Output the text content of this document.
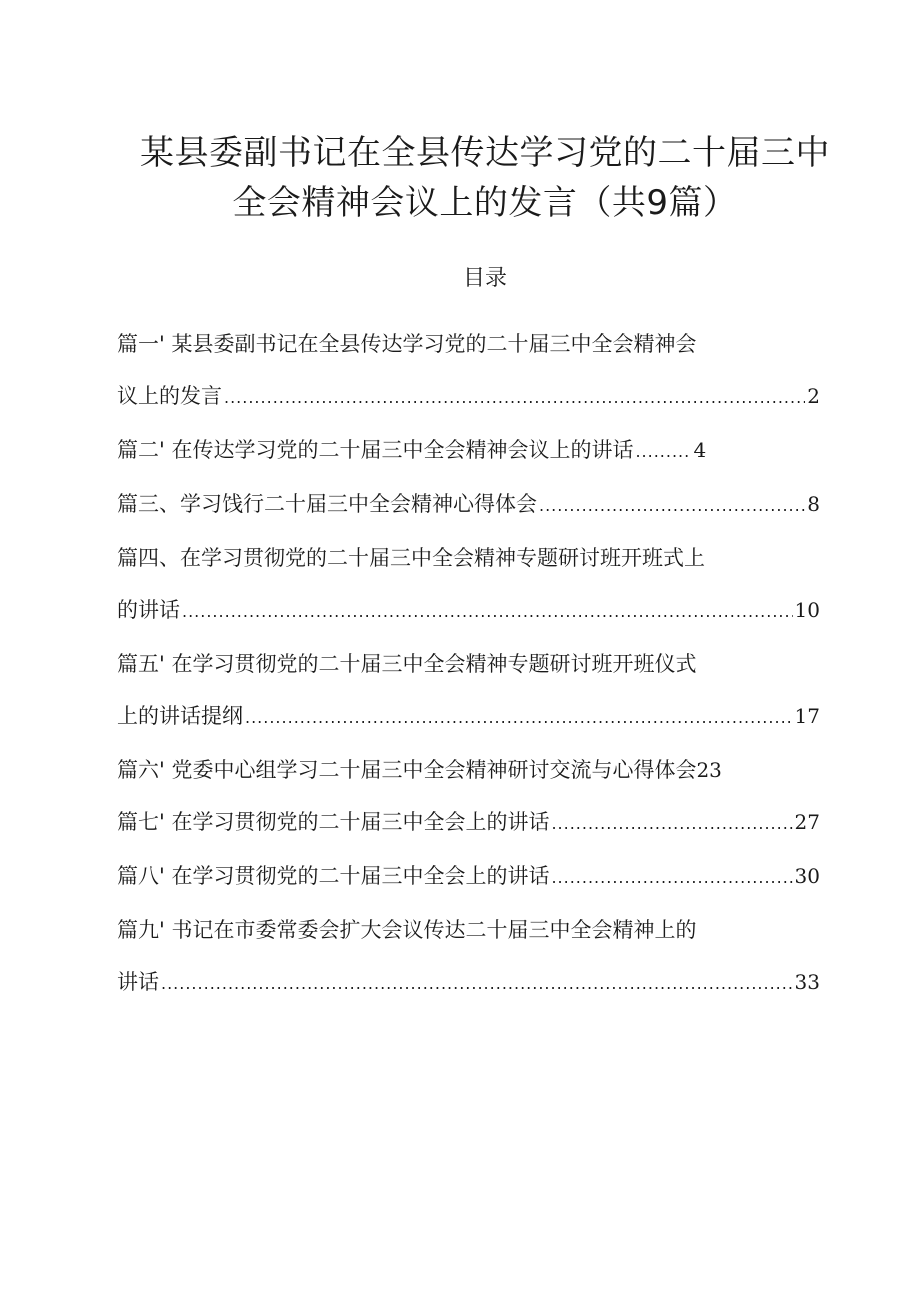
某县委副书记在全县传达学习党的二十届三中
全会精神会议上的发言（共9篇）
目录
篇一' 某县委副书记在全县传达学习党的二十届三中全会精神会
议上的发言 .....	2
篇二' 在传达学习党的二十届三中全会精神会议上的讲话 .....	4
篇三、学习饯行二十届三中全会精神心得体会 .....	8
篇四、在学习贯彻党的二十届三中全会精神专题研讨班开班式上
的讲话 .....	10
篇五' 在学习贯彻党的二十届三中全会精神专题研讨班开班仪式
上的讲话提纲 .....	17
篇六' 党委中心组学习二十届三中全会精神研讨交流与心得体会 23
篇七' 在学习贯彻党的二十届三中全会上的讲话 .....	27
篇八' 在学习贯彻党的二十届三中全会上的讲话 .....	30
篇九' 书记在市委常委会扩大会议传达二十届三中全会精神上的
讲话 .....	33
